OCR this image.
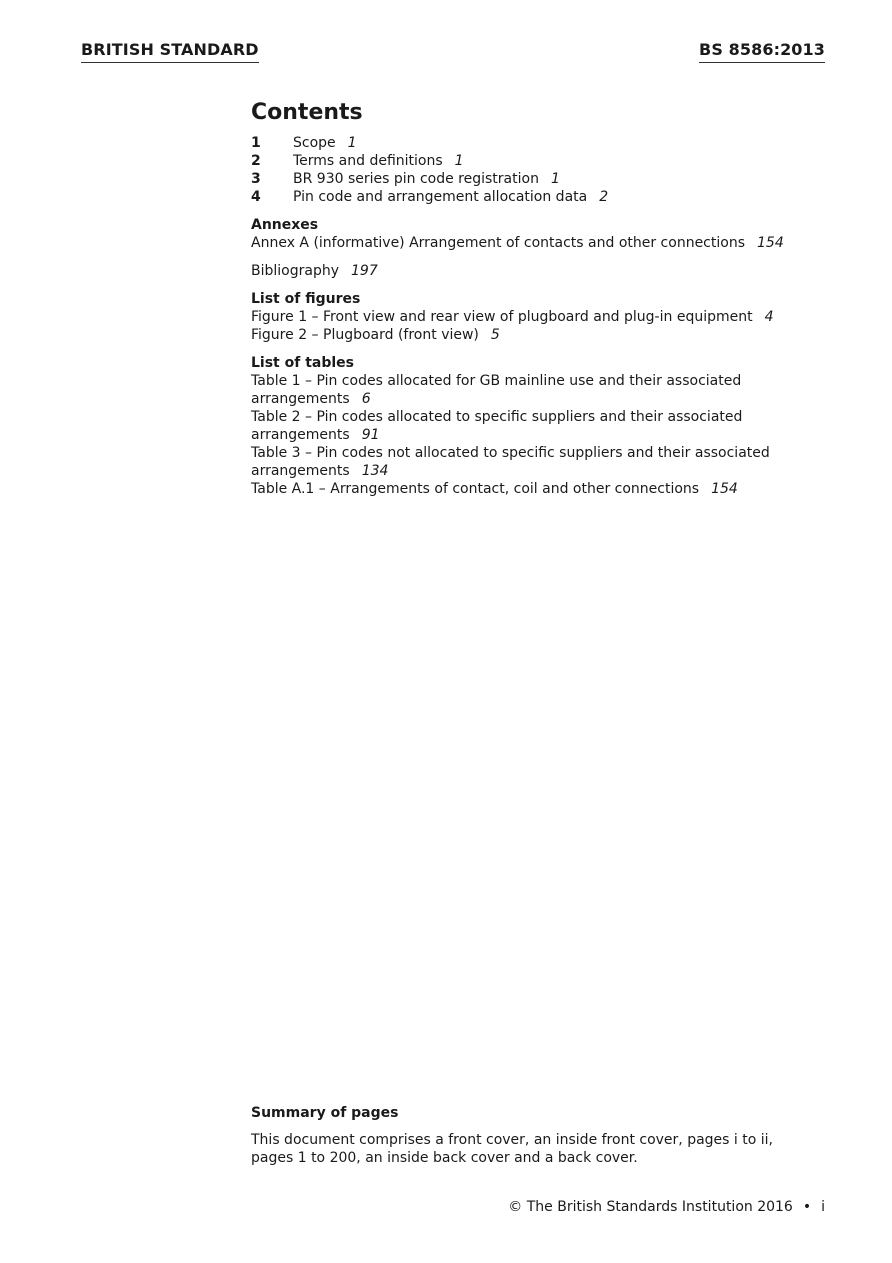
BRITISH STANDARD	BS 8586:2013
Contents
1	Scope 1
2	Terms and definitions 1
3	BR 930 series pin code registration 1
4	Pin code and arrangement allocation data 2
Annexes
Annex A (informative) Arrangement of contacts and other connections 154
Bibliography 197
List of figures
Figure 1 – Front view and rear view of plugboard and plug-in equipment 4
Figure 2 – Plugboard (front view) 5
List of tables
Table 1 – Pin codes allocated for GB mainline use and their associated arrangements 6
Table 2 – Pin codes allocated to specific suppliers and their associated arrangements 91
Table 3 – Pin codes not allocated to specific suppliers and their associated arrangements 134
Table A.1 – Arrangements of contact, coil and other connections 154
Summary of pages
This document comprises a front cover, an inside front cover, pages i to ii, pages 1 to 200, an inside back cover and a back cover.
© The British Standards Institution 2016 • i
